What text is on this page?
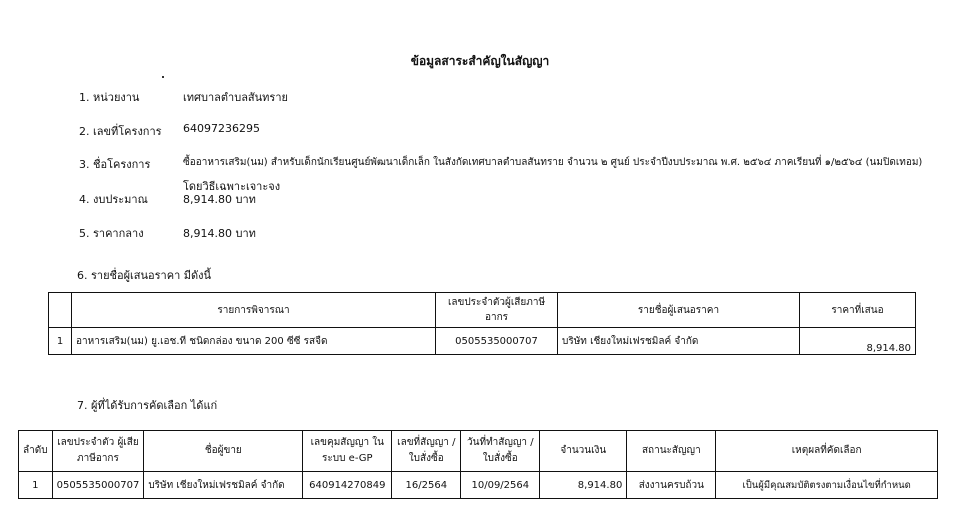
ข้อมูลสาระสำคัญในสัญญา
1. หน่วยงาน	เทศบาลตำบลสันทราย
2. เลขที่โครงการ 64097236295
3. ชื่อโครงการ	ซื้ออาหารเสริม(นม) สำหรับเด็กนักเรียนศูนย์พัฒนาเด็กเล็ก ในสังกัดเทศบาลตำบลสันทราย จำนวน ๒ ศูนย์ ประจำปีงบประมาณ พ.ศ. ๒๕๖๔ ภาคเรียนที่ ๑/๒๕๖๔ (นมปิดเทอม)
โดยวิธีเฉพาะเจาะจง
4. งบประมาณ	8,914.80 บาท
5. ราคากลาง	8,914.80 บาท
6. รายชื่อผู้เสนอราคา มีดังนี้
	รายการพิจารณา	เลขประจำตัวผู้เสียภาษีอากร	รายชื่อผู้เสนอราคา	ราคาที่เสนอ
1	อาหารเสริม(นม) ยู.เอช.ที ชนิดกล่อง ขนาด 200 ซีซี รสจืด	0505535000707	บริษัท เชียงใหม่เฟรชมิลค์ จำกัด	8,914.80
7. ผู้ที่ได้รับการคัดเลือก ได้แก่
ลำดับ	เลขประจำตัว ผู้เสียภาษีอากร	ชื่อผู้ขาย	เลขคุมสัญญา ในระบบ e-GP	เลขที่สัญญา / ใบสั่งซื้อ	วันที่ทำสัญญา / ใบสั่งซื้อ	จำนวนเงิน	สถานะสัญญา	เหตุผลที่คัดเลือก
1	0505535000707	บริษัท เชียงใหม่เฟรชมิลค์ จำกัด	640914270849	16/2564	10/09/2564	8,914.80	ส่งงานครบถ้วน	เป็นผู้มีคุณสมบัติตรงตามเงื่อนไขที่กำหนด
